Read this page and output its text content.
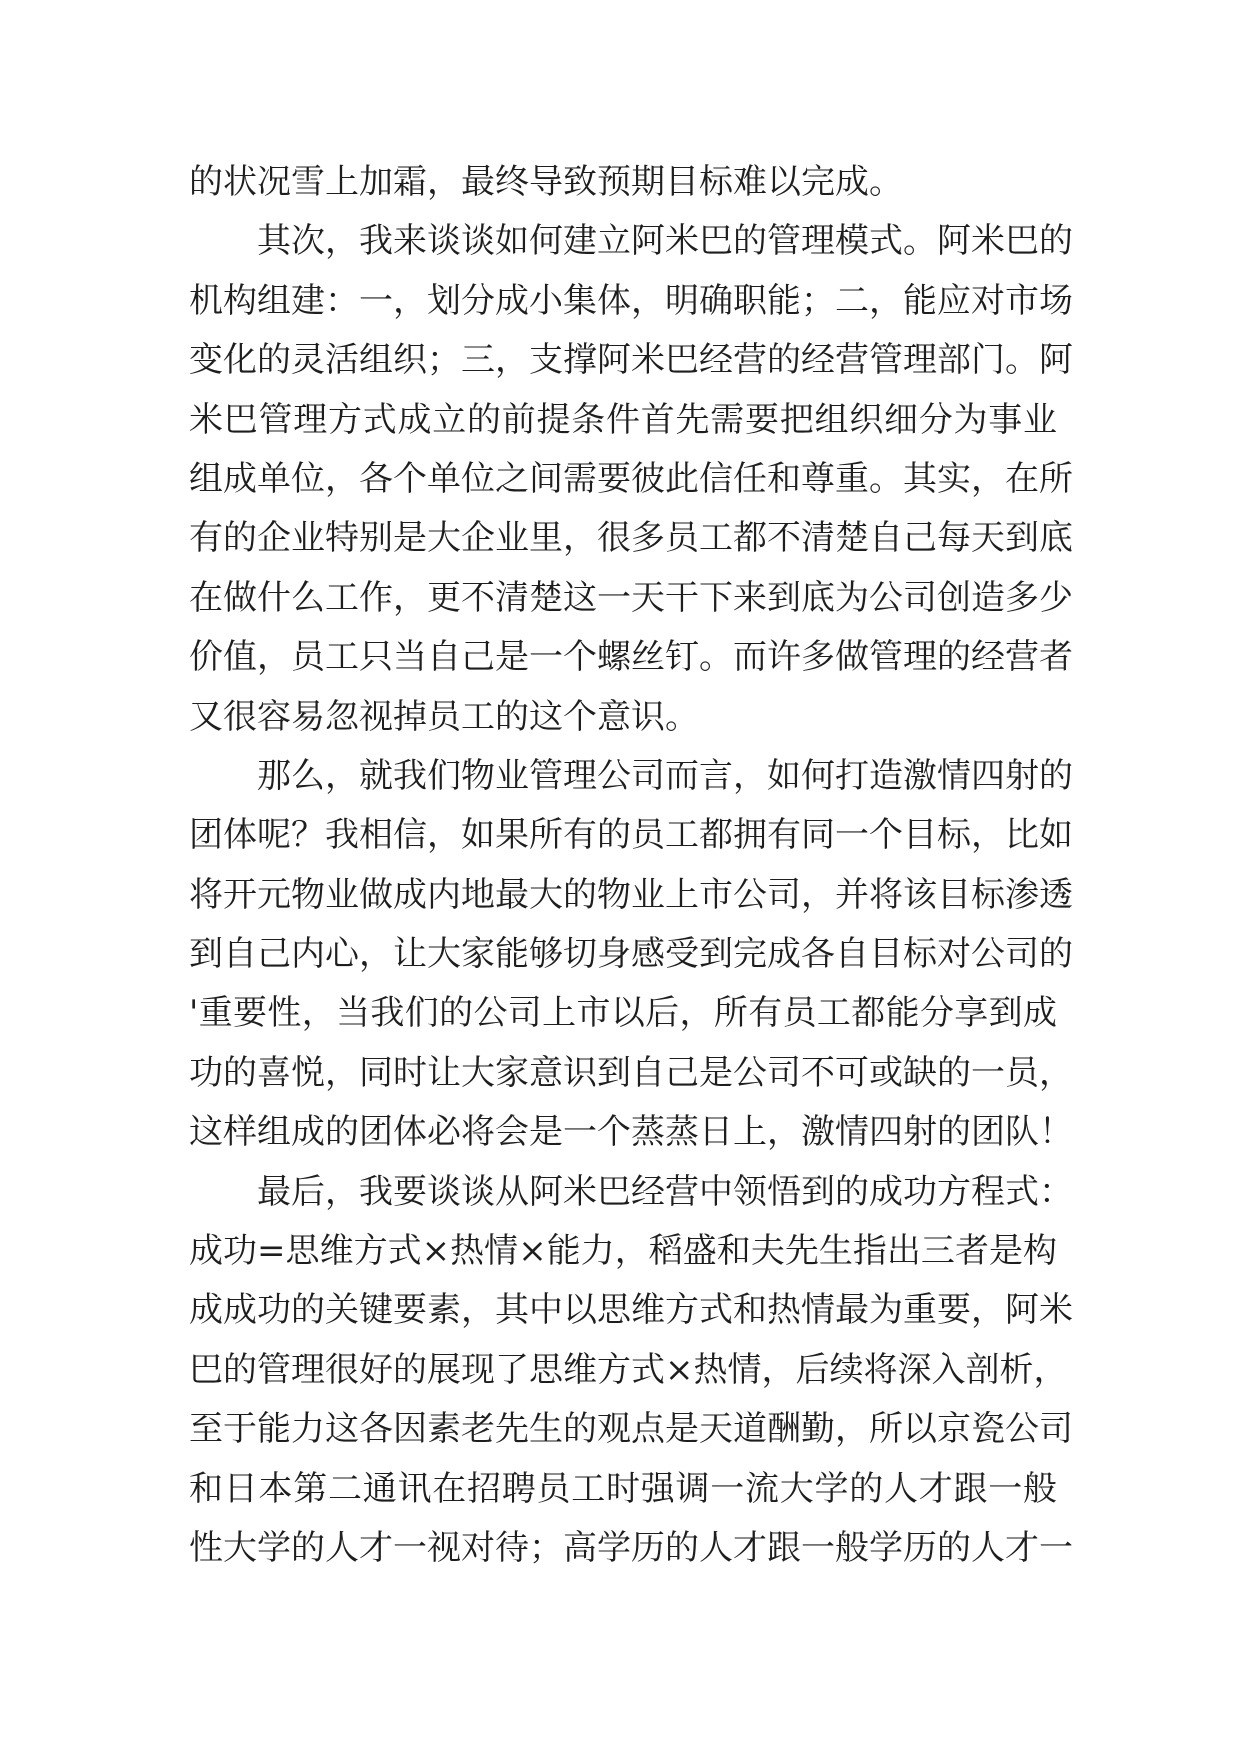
的状况雪上加霜，最终导致预期目标难以完成。
其次，我来谈谈如何建立阿米巴的管理模式。阿米巴的
机构组建：一，划分成小集体，明确职能；二，能应对市场
变化的灵活组织；三，支撑阿米巴经营的经营管理部门。阿
米巴管理方式成立的前提条件首先需要把组织细分为事业
组成单位，各个单位之间需要彼此信任和尊重。其实，在所
有的企业特别是大企业里，很多员工都不清楚自己每天到底
在做什么工作，更不清楚这一天干下来到底为公司创造多少
价值，员工只当自己是一个螺丝钉。而许多做管理的经营者
又很容易忽视掉员工的这个意识。
那么，就我们物业管理公司而言，如何打造激情四射的
团体呢？我相信，如果所有的员工都拥有同一个目标，比如
将开元物业做成内地最大的物业上市公司，并将该目标渗透
到自己内心，让大家能够切身感受到完成各自目标对公司的
'重要性，当我们的公司上市以后，所有员工都能分享到成
功的喜悦，同时让大家意识到自己是公司不可或缺的一员，
这样组成的团体必将会是一个蒸蒸日上，激情四射的团队！
最后，我要谈谈从阿米巴经营中领悟到的成功方程式：
成功=思维方式×热情×能力，稻盛和夫先生指出三者是构
成成功的关键要素，其中以思维方式和热情最为重要，阿米
巴的管理很好的展现了思维方式×热情，后续将深入剖析，
至于能力这各因素老先生的观点是天道酬勤，所以京瓷公司
和日本第二通讯在招聘员工时强调一流大学的人才跟一般
性大学的人才一视对待；高学历的人才跟一般学历的人才一
